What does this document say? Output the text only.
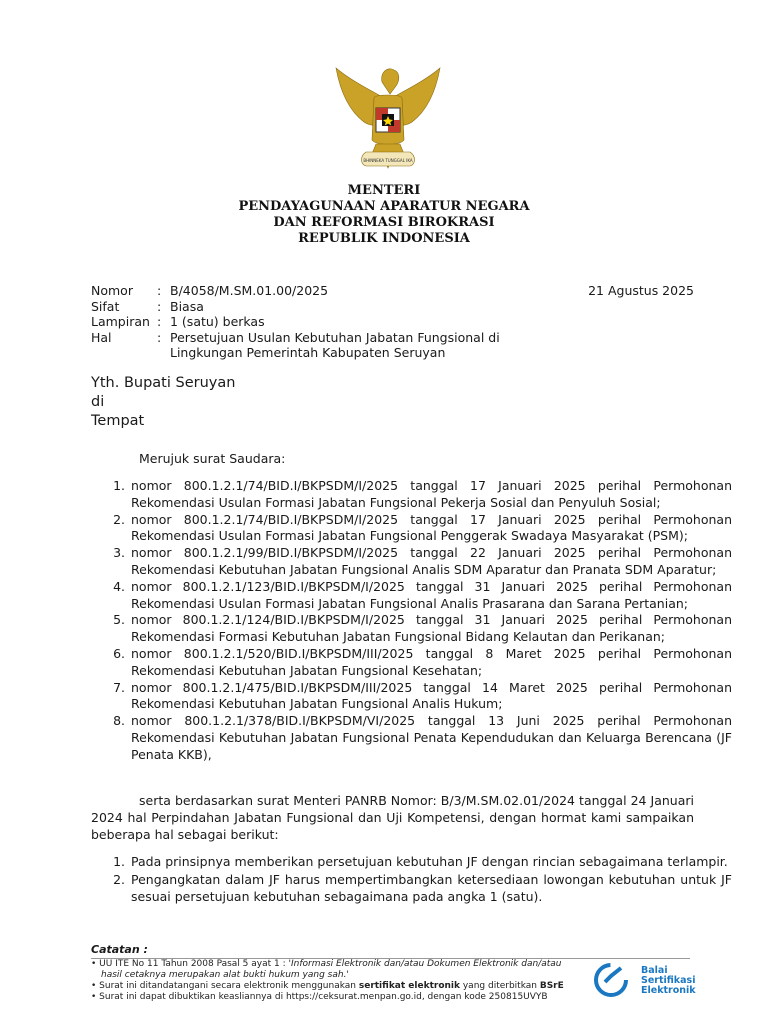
BHINNEKA TUNGGAL IKA
MENTERI
PENDAYAGUNAAN APARATUR NEGARA
DAN REFORMASI BIROKRASI
REPUBLIK INDONESIA
Nomor	: B/4058/M.SM.01.00/2025
Sifat	: Biasa
Lampiran : 1 (satu) berkas
Hal	: Persetujuan Usulan Kebutuhan Jabatan Fungsional di Lingkungan Pemerintah Kabupaten Seruyan
21 Agustus 2025
Yth. Bupati Seruyan
di
Tempat
Merujuk surat Saudara:
1. nomor 800.1.2.1/74/BID.I/BKPSDM/I/2025 tanggal 17 Januari 2025 perihal Permohonan Rekomendasi Usulan Formasi Jabatan Fungsional Pekerja Sosial dan Penyuluh Sosial;
2. nomor 800.1.2.1/74/BID.I/BKPSDM/I/2025 tanggal 17 Januari 2025 perihal Permohonan Rekomendasi Usulan Formasi Jabatan Fungsional Penggerak Swadaya Masyarakat (PSM);
3. nomor 800.1.2.1/99/BID.I/BKPSDM/I/2025 tanggal 22 Januari 2025 perihal Permohonan Rekomendasi Kebutuhan Jabatan Fungsional Analis SDM Aparatur dan Pranata SDM Aparatur;
4. nomor 800.1.2.1/123/BID.I/BKPSDM/I/2025 tanggal 31 Januari 2025 perihal Permohonan Rekomendasi Usulan Formasi Jabatan Fungsional Analis Prasarana dan Sarana Pertanian;
5. nomor 800.1.2.1/124/BID.I/BKPSDM/I/2025 tanggal 31 Januari 2025 perihal Permohonan Rekomendasi Formasi Kebutuhan Jabatan Fungsional Bidang Kelautan dan Perikanan;
6. nomor 800.1.2.1/520/BID.I/BKPSDM/III/2025 tanggal 8 Maret 2025 perihal Permohonan Rekomendasi Kebutuhan Jabatan Fungsional Kesehatan;
7. nomor 800.1.2.1/475/BID.I/BKPSDM/III/2025 tanggal 14 Maret 2025 perihal Permohonan Rekomendasi Kebutuhan Jabatan Fungsional Analis Hukum;
8. nomor 800.1.2.1/378/BID.I/BKPSDM/VI/2025 tanggal 13 Juni 2025 perihal Permohonan Rekomendasi Kebutuhan Jabatan Fungsional Penata Kependudukan dan Keluarga Berencana (JF Penata KKB),
serta berdasarkan surat Menteri PANRB Nomor: B/3/M.SM.02.01/2024 tanggal 24 Januari 2024 hal Perpindahan Jabatan Fungsional dan Uji Kompetensi, dengan hormat kami sampaikan beberapa hal sebagai berikut:
1. Pada prinsipnya memberikan persetujuan kebutuhan JF dengan rincian sebagaimana terlampir.
2. Pengangkatan dalam JF harus mempertimbangkan ketersediaan lowongan kebutuhan untuk JF sesuai persetujuan kebutuhan sebagaimana pada angka 1 (satu).
Catatan :

• UU ITE No 11 Tahun 2008 Pasal 5 ayat 1 : 'Informasi Elektronik dan/atau Dokumen Elektronik dan/atau

hasil cetaknya merupakan alat bukti hukum yang sah.'

• Surat ini ditandatangani secara elektronik menggunakan sertifikat elektronik yang diterbitkan BSrE

• Surat ini dapat dibuktikan keasliannya di https://ceksurat.menpan.go.id, dengan kode 250815UVYB

Balai
Sertifikasi
Elektronik
